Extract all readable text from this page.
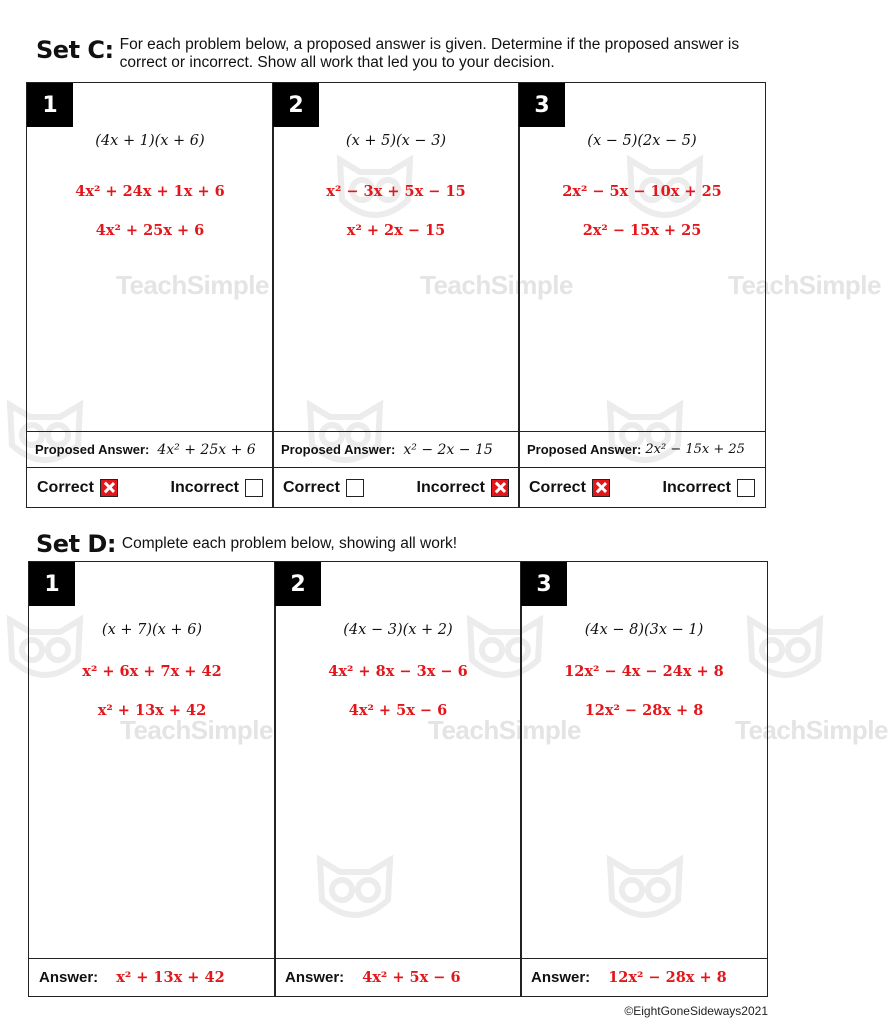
TeachSimple	TeachSimple	TeachSimple
TeachSimple	TeachSimple	TeachSimple
Set C: For each problem below, a proposed answer is given. Determine if the proposed answer is correct or incorrect. Show all work that led you to your decision.
1
(4x + 1)(x + 6)
4x² + 24x + 1x + 6
4x² + 25x + 6
Proposed Answer: 4x² + 25x + 6
Correct	Incorrect
2
(x + 5)(x − 3)
x² − 3x + 5x − 15
x² + 2x − 15
Proposed Answer: x² − 2x − 15
Correct	Incorrect
3
(x − 5)(2x − 5)
2x² − 5x − 10x + 25
2x² − 15x + 25
Proposed Answer: 2x² − 15x + 25
Correct	Incorrect
Set D: Complete each problem below, showing all work!
1
(x + 7)(x + 6)
x² + 6x + 7x + 42
x² + 13x + 42
Answer: x² + 13x + 42
2
(4x − 3)(x + 2)
4x² + 8x − 3x − 6
4x² + 5x − 6
Answer: 4x² + 5x − 6
3
(4x − 8)(3x − 1)
12x² − 4x − 24x + 8
12x² − 28x + 8
Answer: 12x² − 28x + 8
©EightGoneSideways2021
